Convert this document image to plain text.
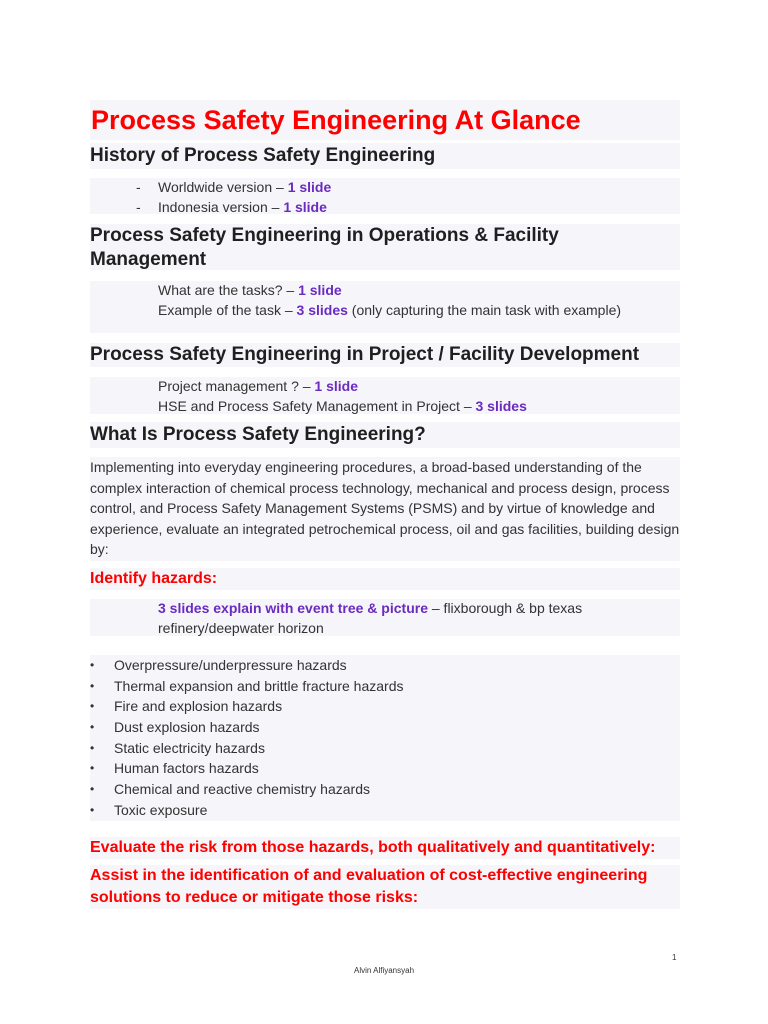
Process Safety Engineering At Glance
History of Process Safety Engineering
- Worldwide version – 1 slide
- Indonesia version – 1 slide
Process Safety Engineering in Operations & Facility
Management
What are the tasks? – 1 slide
Example of the task – 3 slides (only capturing the main task with example)
Process Safety Engineering in Project / Facility Development
Project management ? – 1 slide
HSE and Process Safety Management in Project – 3 slides
What Is Process Safety Engineering?
Implementing into everyday engineering procedures, a broad-based understanding of the complex interaction of chemical process technology, mechanical and process design, process control, and Process Safety Management Systems (PSMS) and by virtue of knowledge and experience, evaluate an integrated petrochemical process, oil and gas facilities, building design by:
Identify hazards:
3 slides explain with event tree & picture – flixborough & bp texas
refinery/deepwater horizon
• Overpressure/underpressure hazards
• Thermal expansion and brittle fracture hazards
• Fire and explosion hazards
• Dust explosion hazards
• Static electricity hazards
• Human factors hazards
• Chemical and reactive chemistry hazards
• Toxic exposure
Evaluate the risk from those hazards, both qualitatively and quantitatively:
Assist in the identification of and evaluation of cost-effective engineering
solutions to reduce or mitigate those risks:
1
Alvin Alfiyansyah
